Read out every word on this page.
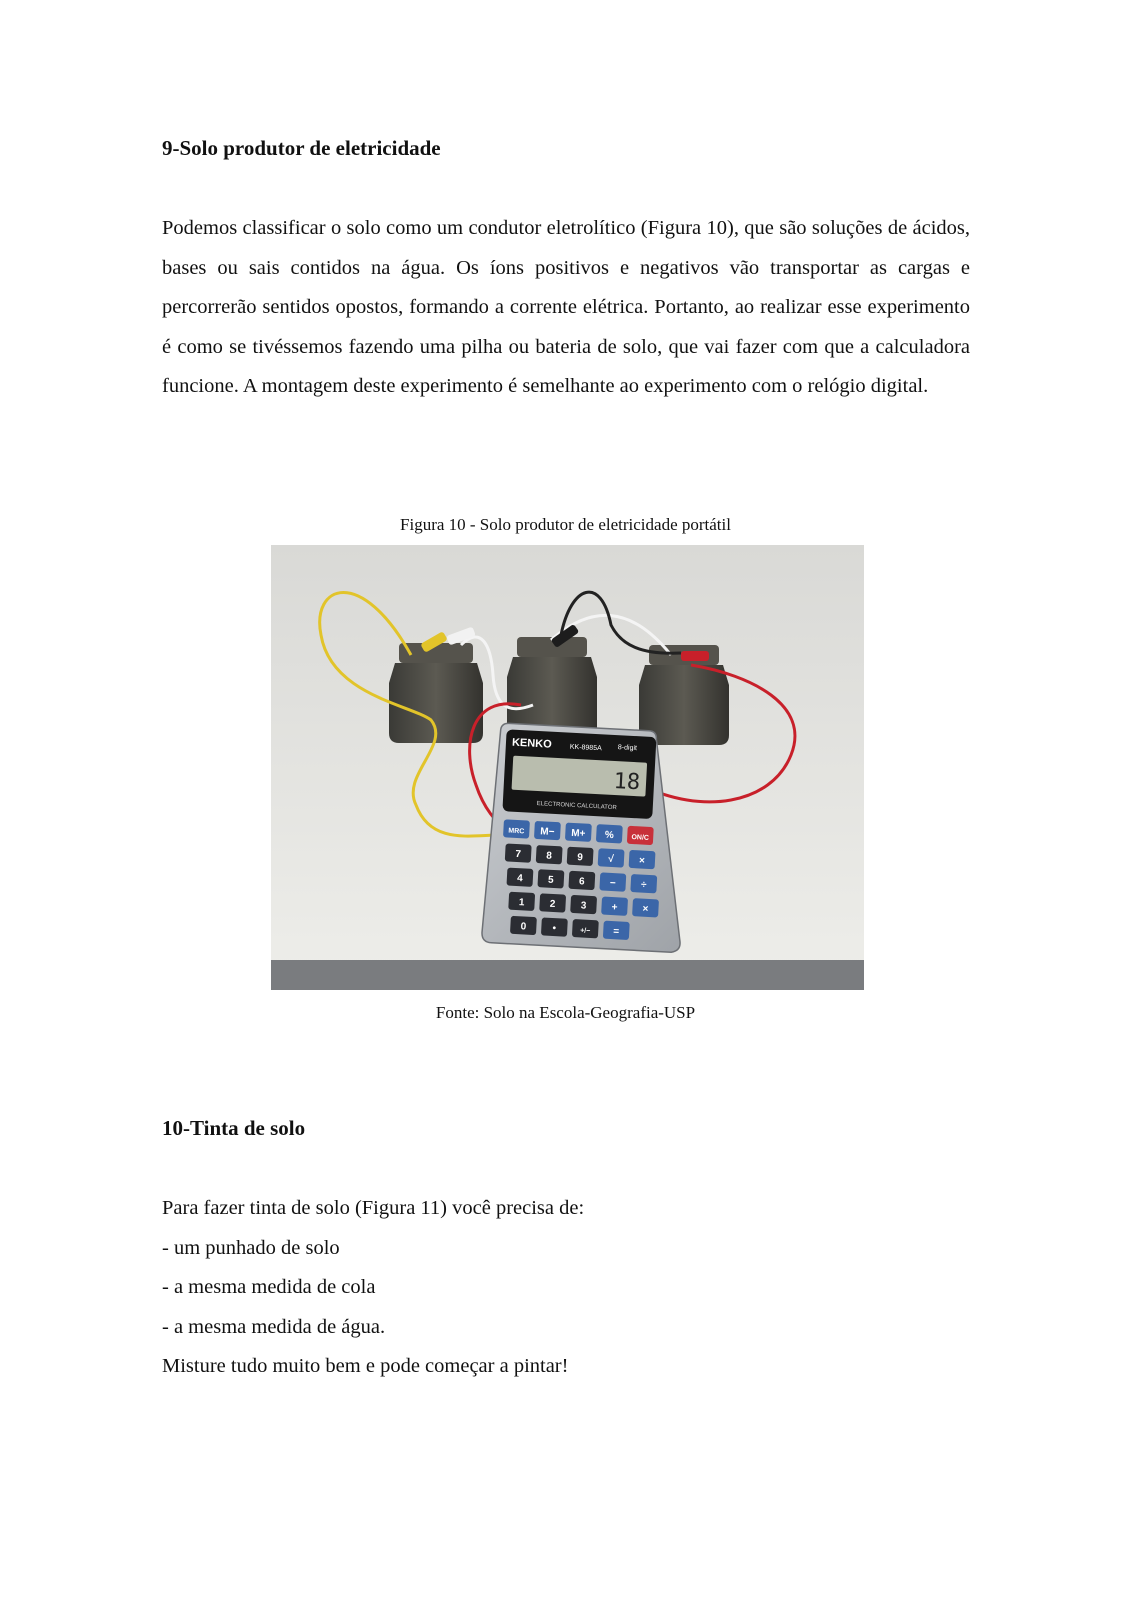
9-Solo produtor de eletricidade

Podemos classificar o solo como um condutor eletrolítico (Figura 10), que são soluções de ácidos, bases ou sais contidos na água. Os íons positivos e negativos vão transportar as cargas e percorrerão sentidos opostos, formando a corrente elétrica. Portanto, ao realizar esse experimento é como se tivéssemos fazendo uma pilha ou bateria de solo, que vai fazer com que a calculadora funcione. A montagem deste experimento é semelhante ao experimento com o relógio digital.

Figura 10 - Solo produtor de eletricidade portátil

KENKO	KK-8985A 8-digit
18
ELECTRONIC CALCULATOR
MRC M− M+ % ON/C
7 8 9 √ ×
4 5 6 − ÷
1 2 3 + ×
0	•	+/− =

Fonte: Solo na Escola-Geografia-USP

10-Tinta de solo
Para fazer tinta de solo (Figura 11) você precisa de:
- um punhado de solo
- a mesma medida de cola
- a mesma medida de água.
Misture tudo muito bem e pode começar a pintar!
